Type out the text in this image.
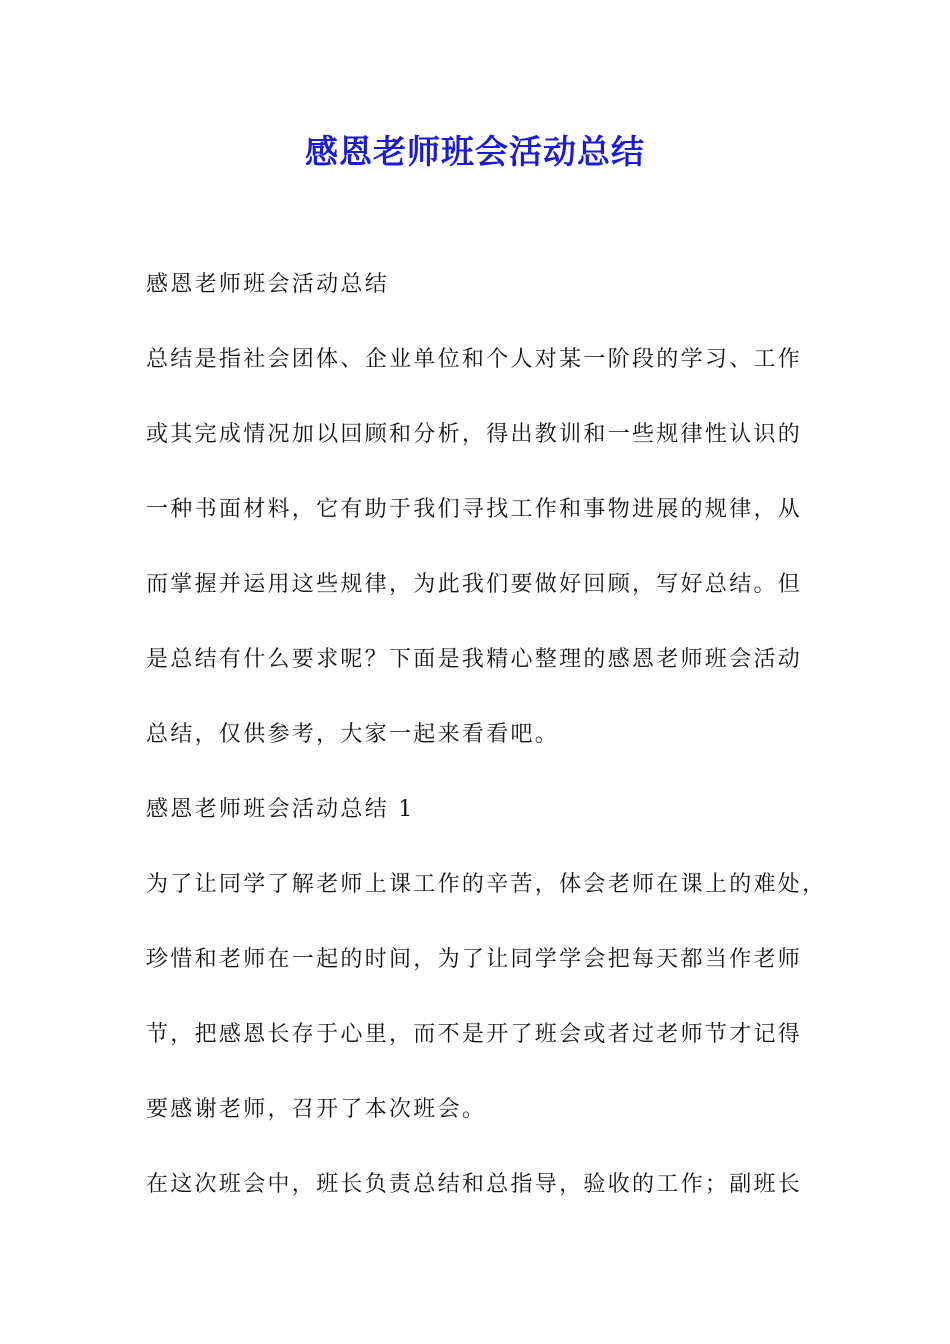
感恩老师班会活动总结
感恩老师班会活动总结
总结是指社会团体、企业单位和个人对某一阶段的学习、工作
或其完成情况加以回顾和分析，得出教训和一些规律性认识的
一种书面材料，它有助于我们寻找工作和事物进展的规律，从
而掌握并运用这些规律，为此我们要做好回顾，写好总结。但
是总结有什么要求呢？下面是我精心整理的感恩老师班会活动
总结，仅供参考，大家一起来看看吧。
感恩老师班会活动总结 1
为了让同学了解老师上课工作的辛苦，体会老师在课上的难处，
珍惜和老师在一起的时间，为了让同学学会把每天都当作老师
节，把感恩长存于心里，而不是开了班会或者过老师节才记得
要感谢老师，召开了本次班会。
在这次班会中，班长负责总结和总指导，验收的工作；副班长
